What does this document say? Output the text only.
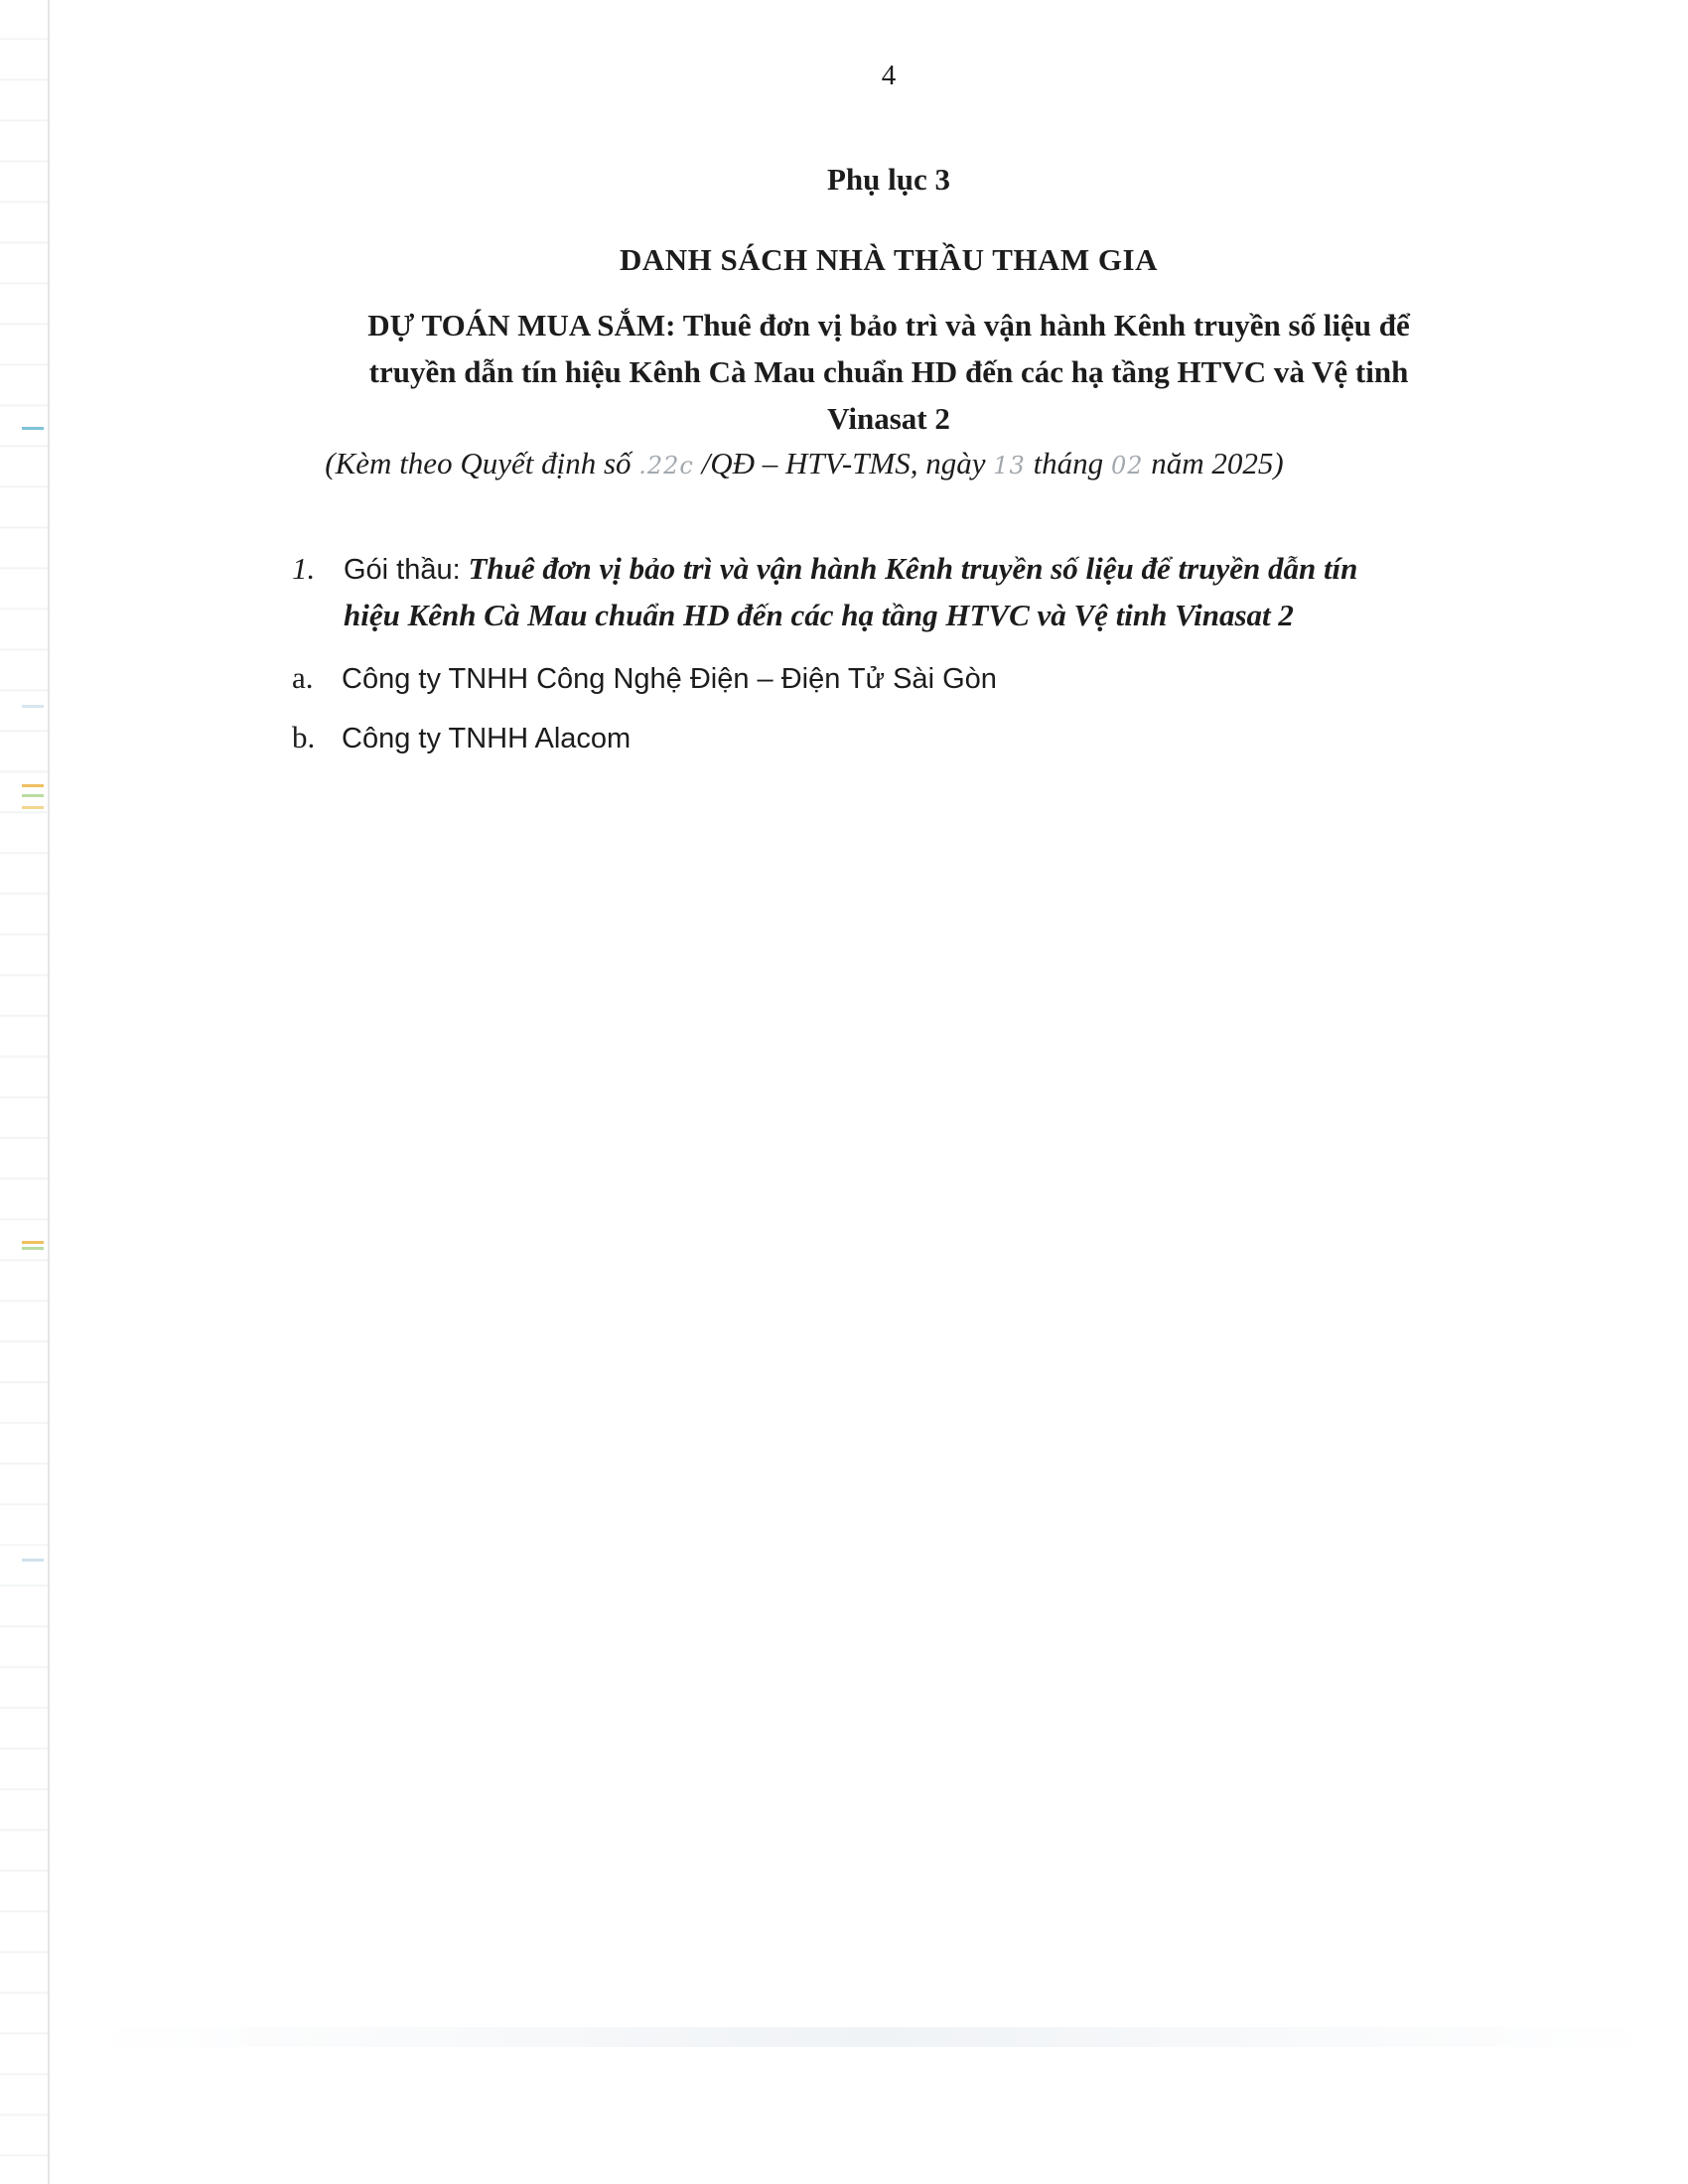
4
Phụ lục 3
DANH SÁCH NHÀ THẦU THAM GIA
DỰ TOÁN MUA SẮM: Thuê đơn vị bảo trì và vận hành Kênh truyền số liệu để
truyền dẫn tín hiệu Kênh Cà Mau chuẩn HD đến các hạ tầng HTVC và Vệ tinh
Vinasat 2
(Kèm theo Quyết định số .22c /QĐ – HTV-TMS, ngày 13 tháng 02 năm 2025)
1. Gói thầu: Thuê đơn vị bảo trì và vận hành Kênh truyền số liệu để truyền dẫn tín
hiệu Kênh Cà Mau chuẩn HD đến các hạ tầng HTVC và Vệ tinh Vinasat 2
a. Công ty TNHH Công Nghệ Điện – Điện Tử Sài Gòn
b. Công ty TNHH Alacom
